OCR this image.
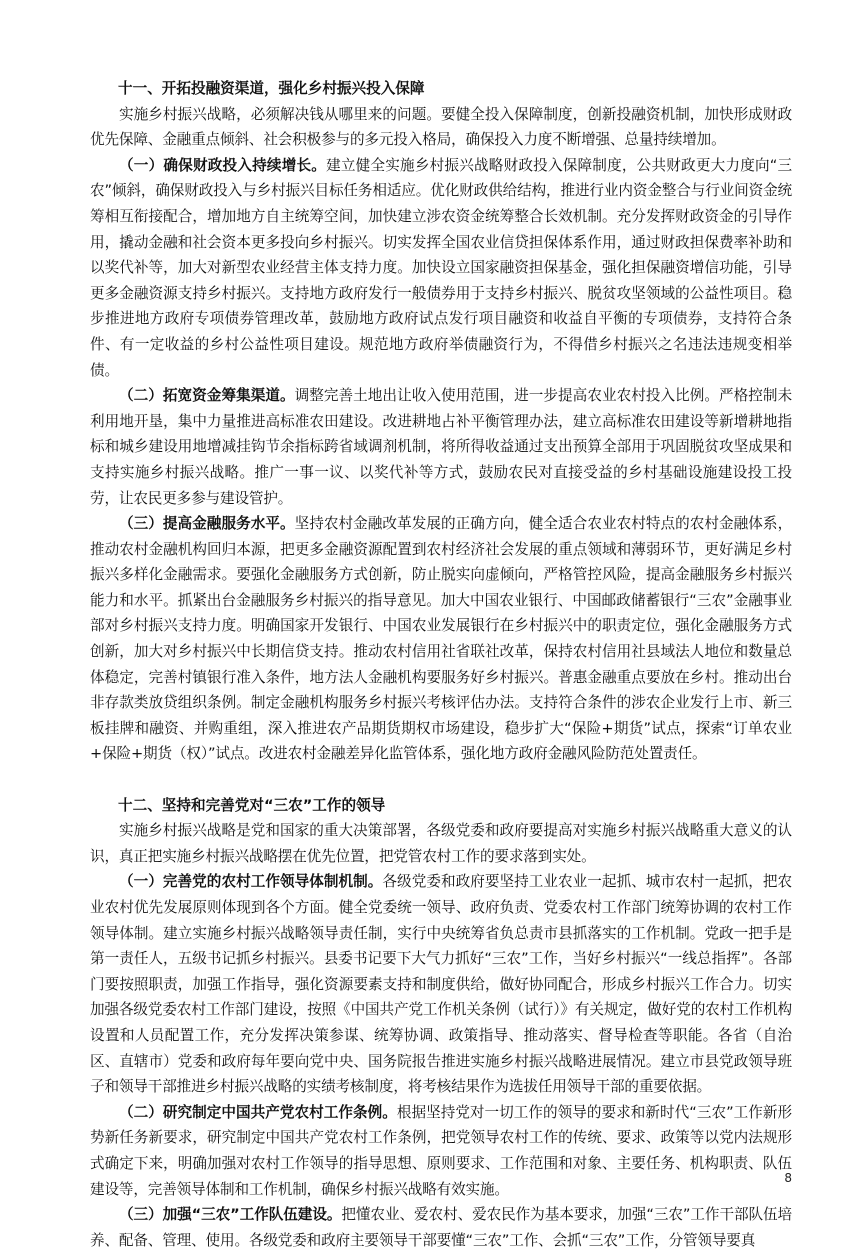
十一、开拓投融资渠道，强化乡村振兴投入保障

实施乡村振兴战略，必须解决钱从哪里来的问题。要健全投入保障制度，创新投融资机制，加快形成财政优先保障、金融重点倾斜、社会积极参与的多元投入格局，确保投入力度不断增强、总量持续增加。

（一）确保财政投入持续增长。建立健全实施乡村振兴战略财政投入保障制度，公共财政更大力度向“三农”倾斜，确保财政投入与乡村振兴目标任务相适应。优化财政供给结构，推进行业内资金整合与行业间资金统筹相互衔接配合，增加地方自主统筹空间，加快建立涉农资金统筹整合长效机制。充分发挥财政资金的引导作用，撬动金融和社会资本更多投向乡村振兴。切实发挥全国农业信贷担保体系作用，通过财政担保费率补助和以奖代补等，加大对新型农业经营主体支持力度。加快设立国家融资担保基金，强化担保融资增信功能，引导更多金融资源支持乡村振兴。支持地方政府发行一般债券用于支持乡村振兴、脱贫攻坚领域的公益性项目。稳步推进地方政府专项债券管理改革，鼓励地方政府试点发行项目融资和收益自平衡的专项债券，支持符合条件、有一定收益的乡村公益性项目建设。规范地方政府举债融资行为，不得借乡村振兴之名违法违规变相举债。

（二）拓宽资金筹集渠道。调整完善土地出让收入使用范围，进一步提高农业农村投入比例。严格控制未利用地开垦，集中力量推进高标准农田建设。改进耕地占补平衡管理办法，建立高标准农田建设等新增耕地指标和城乡建设用地增减挂钩节余指标跨省域调剂机制，将所得收益通过支出预算全部用于巩固脱贫攻坚成果和支持实施乡村振兴战略。推广一事一议、以奖代补等方式，鼓励农民对直接受益的乡村基础设施建设投工投劳，让农民更多参与建设管护。

（三）提高金融服务水平。坚持农村金融改革发展的正确方向，健全适合农业农村特点的农村金融体系，推动农村金融机构回归本源，把更多金融资源配置到农村经济社会发展的重点领域和薄弱环节，更好满足乡村振兴多样化金融需求。要强化金融服务方式创新，防止脱实向虚倾向，严格管控风险，提高金融服务乡村振兴能力和水平。抓紧出台金融服务乡村振兴的指导意见。加大中国农业银行、中国邮政储蓄银行“三农”金融事业部对乡村振兴支持力度。明确国家开发银行、中国农业发展银行在乡村振兴中的职责定位，强化金融服务方式创新，加大对乡村振兴中长期信贷支持。推动农村信用社省联社改革，保持农村信用社县域法人地位和数量总体稳定，完善村镇银行准入条件，地方法人金融机构要服务好乡村振兴。普惠金融重点要放在乡村。推动出台非存款类放贷组织条例。制定金融机构服务乡村振兴考核评估办法。支持符合条件的涉农企业发行上市、新三板挂牌和融资、并购重组，深入推进农产品期货期权市场建设，稳步扩大“保险+期货”试点，探索“订单农业+保险+期货（权）”试点。改进农村金融差异化监管体系，强化地方政府金融风险防范处置责任。

十二、坚持和完善党对“三农”工作的领导

实施乡村振兴战略是党和国家的重大决策部署，各级党委和政府要提高对实施乡村振兴战略重大意义的认识，真正把实施乡村振兴战略摆在优先位置，把党管农村工作的要求落到实处。

（一）完善党的农村工作领导体制机制。各级党委和政府要坚持工业农业一起抓、城市农村一起抓，把农业农村优先发展原则体现到各个方面。健全党委统一领导、政府负责、党委农村工作部门统筹协调的农村工作领导体制。建立实施乡村振兴战略领导责任制，实行中央统筹省负总责市县抓落实的工作机制。党政一把手是第一责任人，五级书记抓乡村振兴。县委书记要下大气力抓好“三农”工作，当好乡村振兴“一线总指挥”。各部门要按照职责，加强工作指导，强化资源要素支持和制度供给，做好协同配合，形成乡村振兴工作合力。切实加强各级党委农村工作部门建设，按照《中国共产党工作机关条例（试行）》有关规定，做好党的农村工作机构设置和人员配置工作，充分发挥决策参谋、统筹协调、政策指导、推动落实、督导检查等职能。各省（自治区、直辖市）党委和政府每年要向党中央、国务院报告推进实施乡村振兴战略进展情况。建立市县党政领导班子和领导干部推进乡村振兴战略的实绩考核制度，将考核结果作为选拔任用领导干部的重要依据。

（二）研究制定中国共产党农村工作条例。根据坚持党对一切工作的领导的要求和新时代“三农”工作新形势新任务新要求，研究制定中国共产党农村工作条例，把党领导农村工作的传统、要求、政策等以党内法规形式确定下来，明确加强对农村工作领导的指导思想、原则要求、工作范围和对象、主要任务、机构职责、队伍建设等，完善领导体制和工作机制，确保乡村振兴战略有效实施。

（三）加强“三农”工作队伍建设。把懂农业、爱农村、爱农民作为基本要求，加强“三农”工作干部队伍培养、配备、管理、使用。各级党委和政府主要领导干部要懂“三农”工作、会抓“三农”工作，分管领导要真

8
